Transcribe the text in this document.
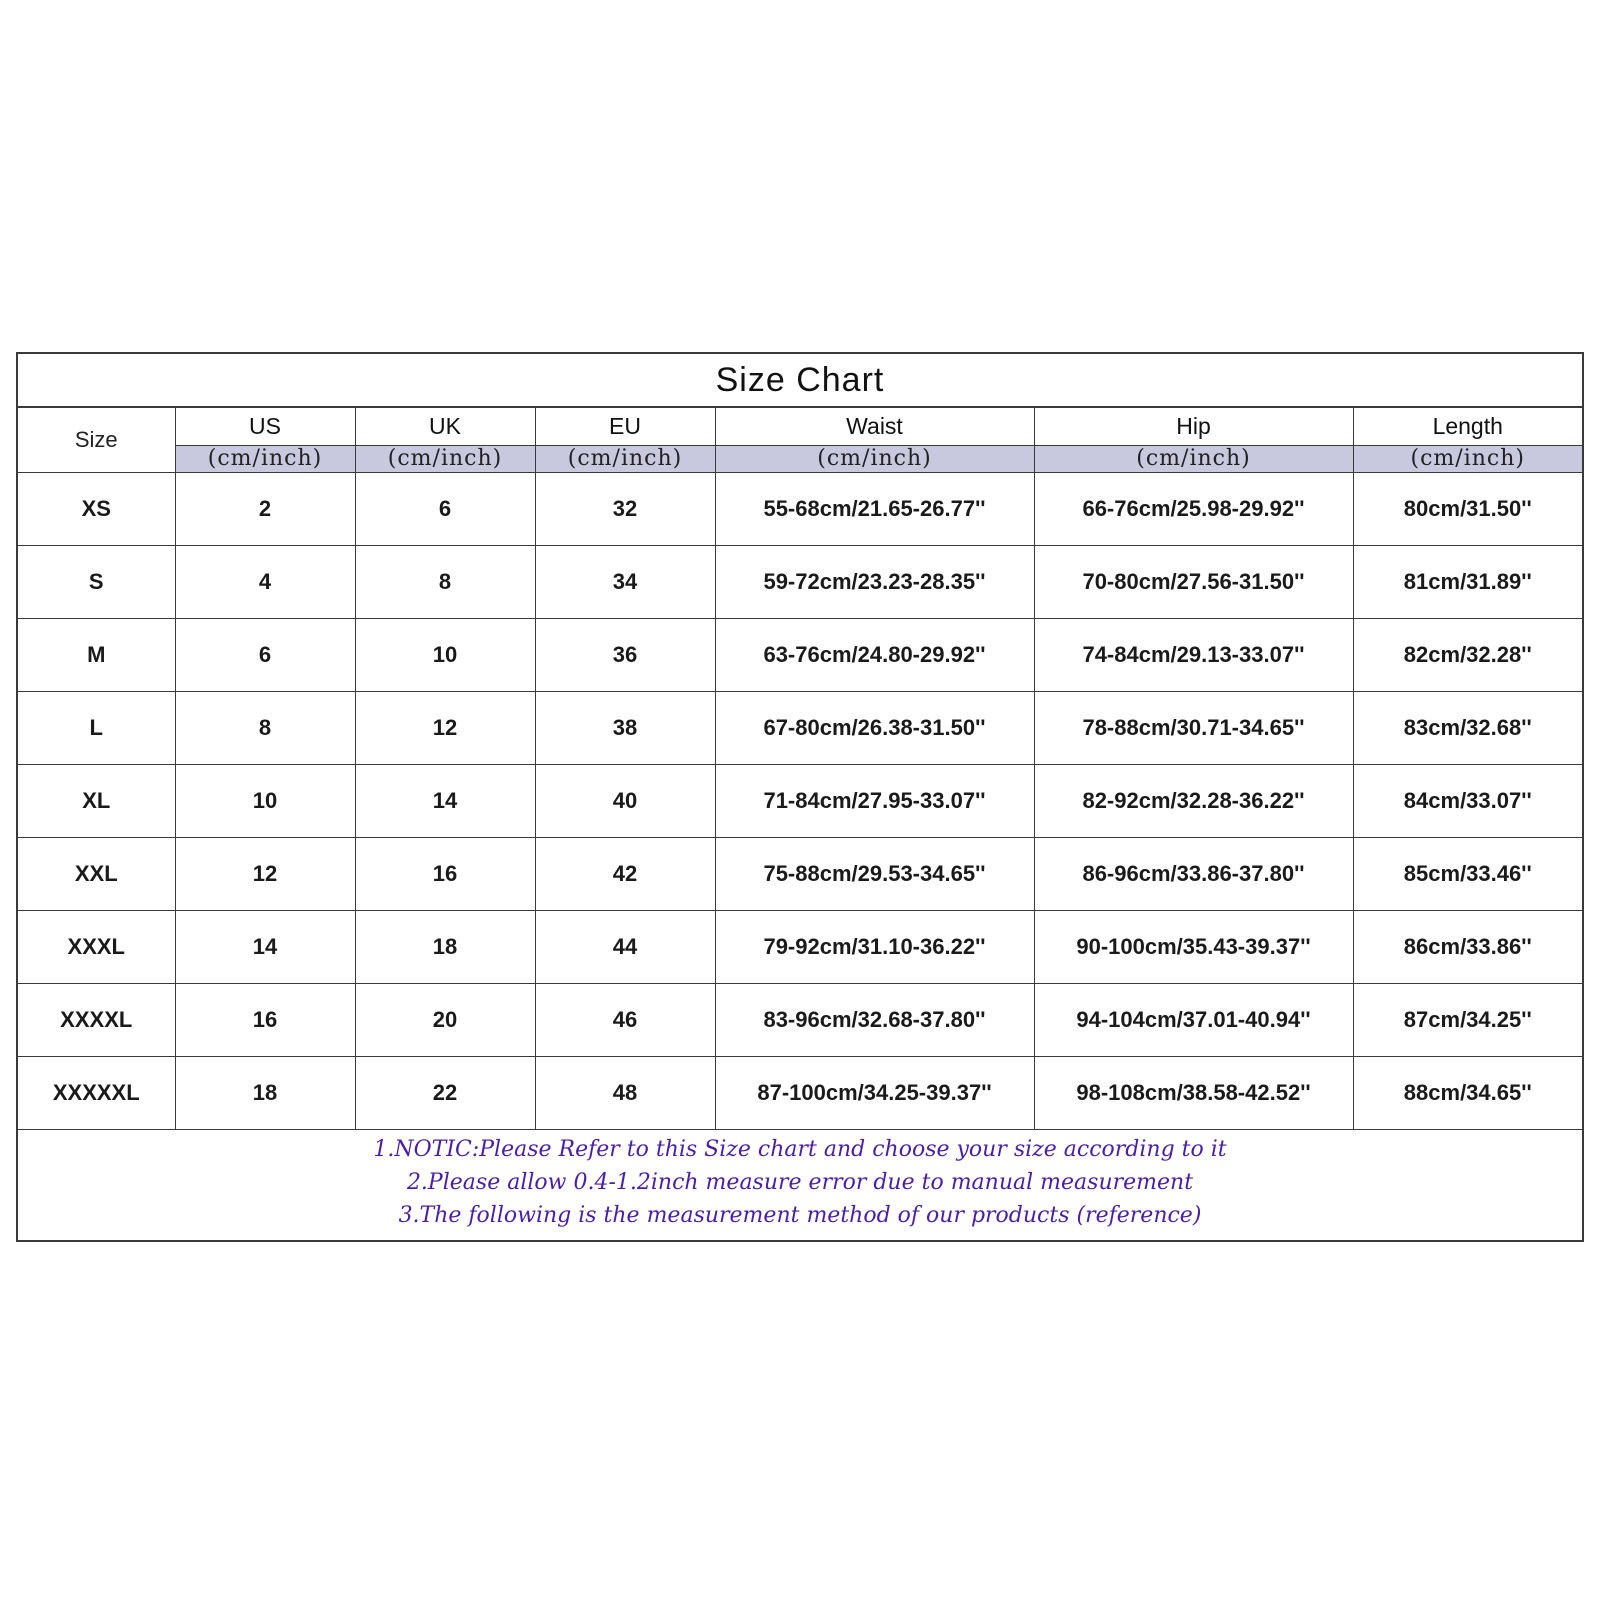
Size Chart
Size	US	UK	EU	Waist	Hip	Length
	(cm/inch)	(cm/inch)	(cm/inch)	(cm/inch)	(cm/inch)	(cm/inch)
XS	2	6	32	55-68cm/21.65-26.77''	66-76cm/25.98-29.92''	80cm/31.50''
S	4	8	34	59-72cm/23.23-28.35''	70-80cm/27.56-31.50''	81cm/31.89''
M	6	10	36	63-76cm/24.80-29.92''	74-84cm/29.13-33.07''	82cm/32.28''
L	8	12	38	67-80cm/26.38-31.50''	78-88cm/30.71-34.65''	83cm/32.68''
XL	10	14	40	71-84cm/27.95-33.07''	82-92cm/32.28-36.22''	84cm/33.07''
XXL	12	16	42	75-88cm/29.53-34.65''	86-96cm/33.86-37.80''	85cm/33.46''
XXXL	14	18	44	79-92cm/31.10-36.22''	90-100cm/35.43-39.37''	86cm/33.86''
XXXXL	16	20	46	83-96cm/32.68-37.80''	94-104cm/37.01-40.94''	87cm/34.25''
XXXXXL	18	22	48	87-100cm/34.25-39.37''	98-108cm/38.58-42.52''	88cm/34.65''
1.NOTIC:Please Refer to this Size chart and choose your size according to it
2.Please allow 0.4-1.2inch measure error due to manual measurement
3.The following is the measurement method of our products (reference)
